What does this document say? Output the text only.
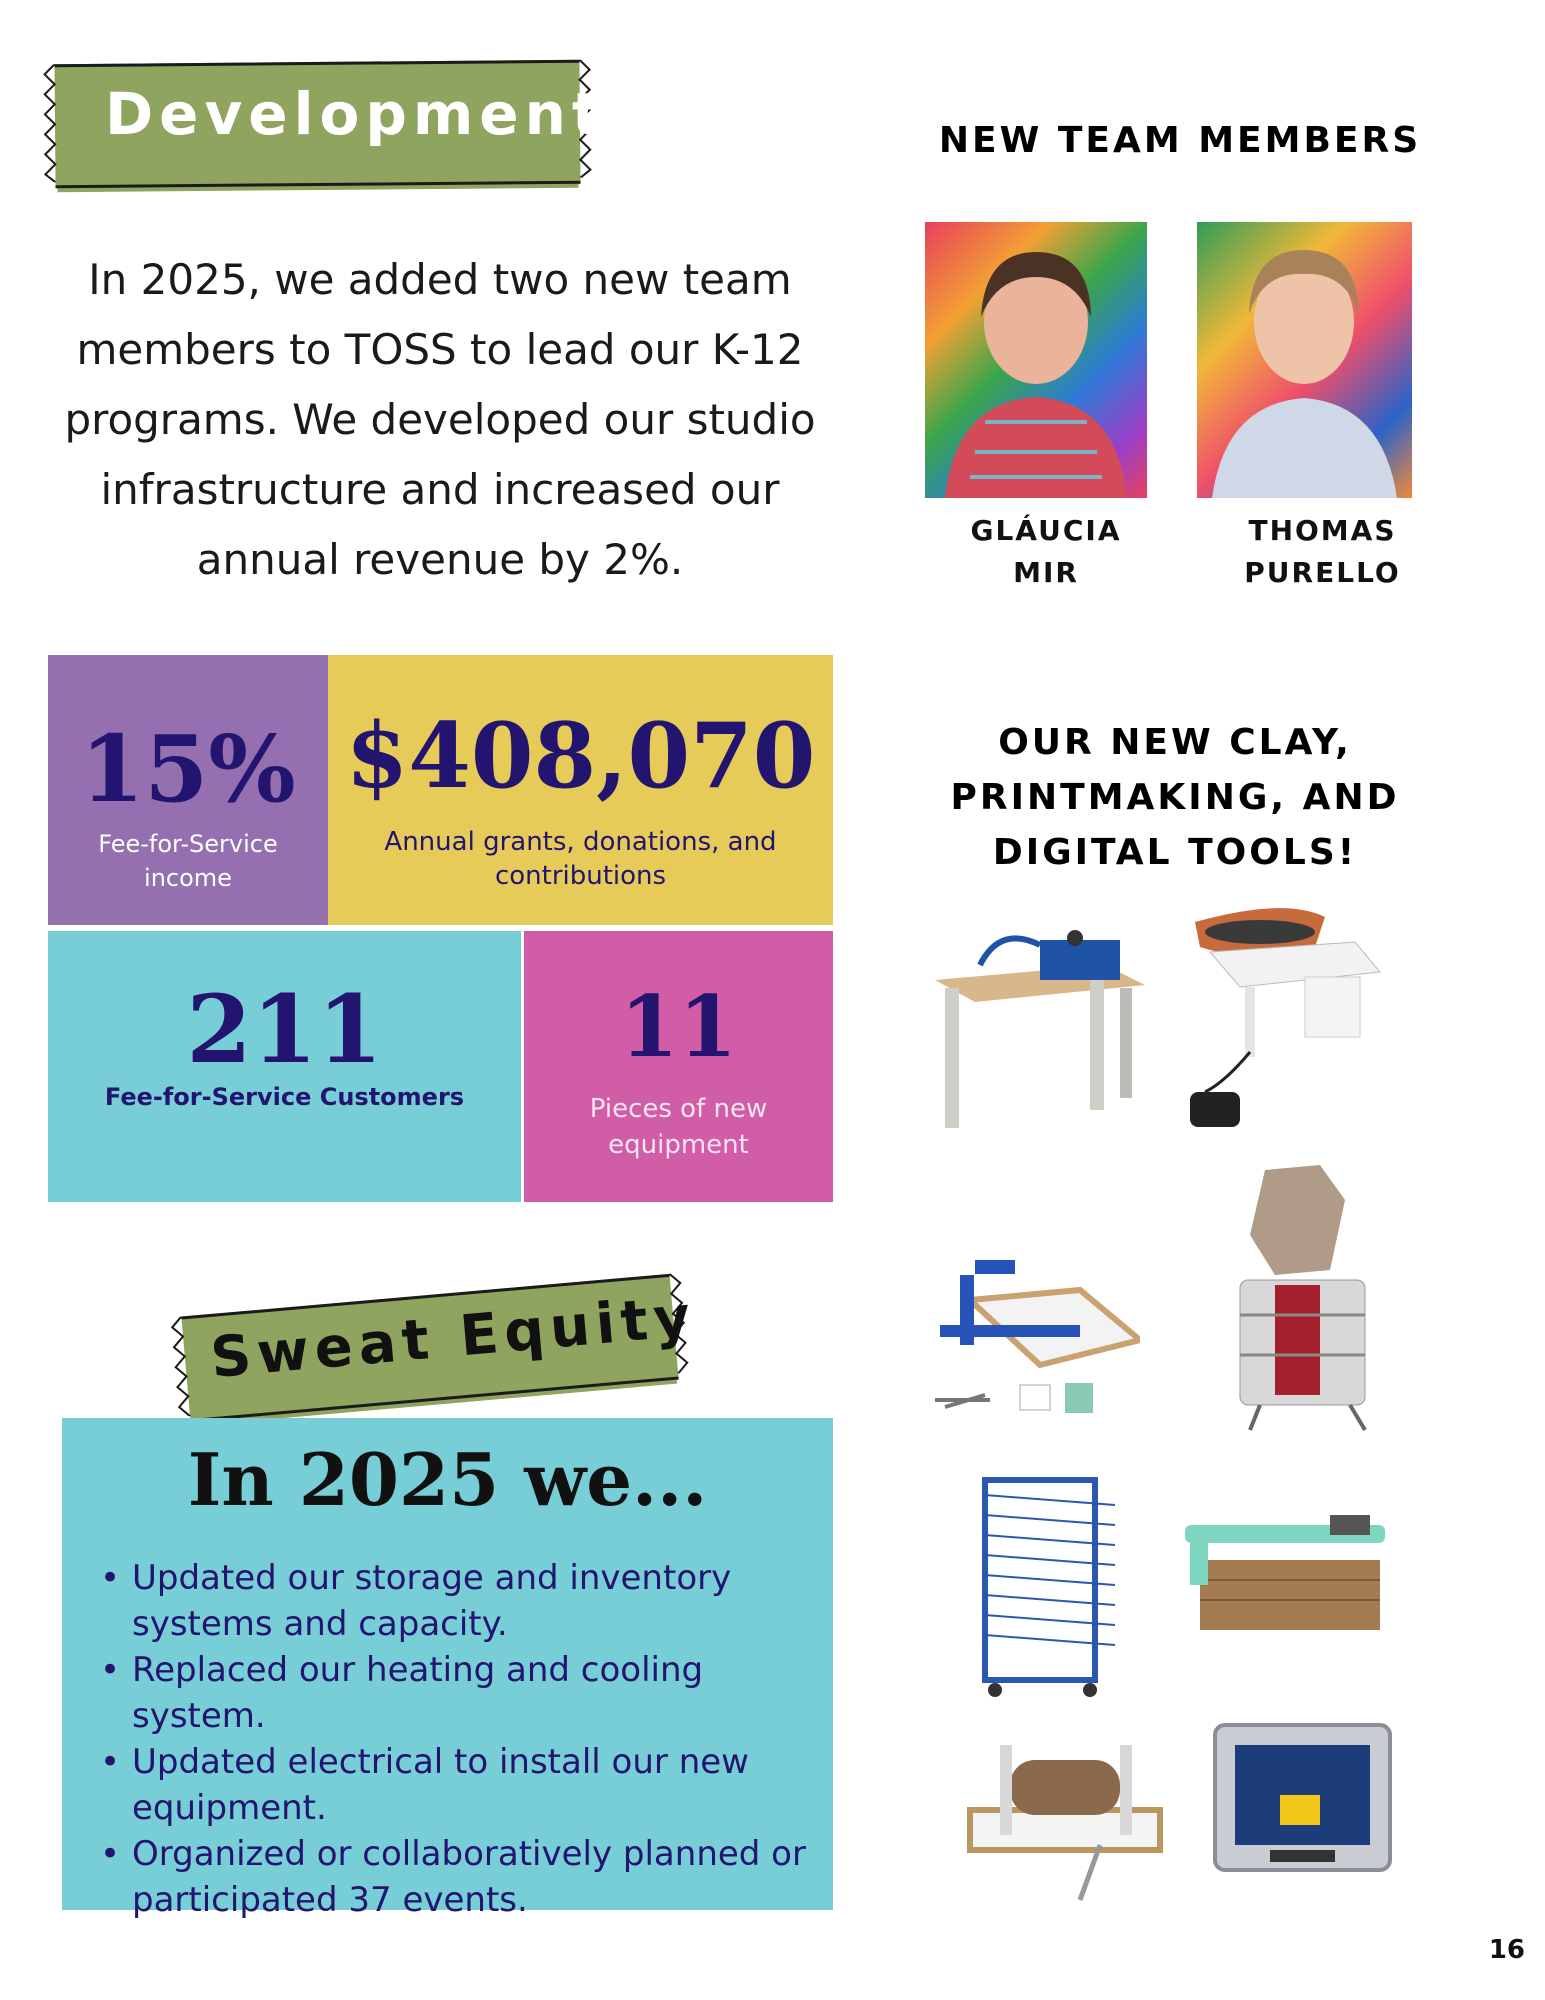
Development
In 2025, we added two new team members to TOSS to lead our K-12 programs. We developed our studio infrastructure and increased our annual revenue by 2%.
NEW TEAM MEMBERS
GLÁUCIA
MIR
THOMAS
PURELLO
15%
Fee-for-Service income
$408,070
Annual grants, donations, and contributions
211
Fee-for-Service Customers
11
Pieces of new equipment
OUR NEW CLAY, PRINTMAKING, AND DIGITAL TOOLS!
Sweat Equity
In 2025 we...
• Updated our storage and inventory systems and capacity.
• Replaced our heating and cooling system.
• Updated electrical to install our new equipment.
• Organized or collaboratively planned or participated 37 events.
16
